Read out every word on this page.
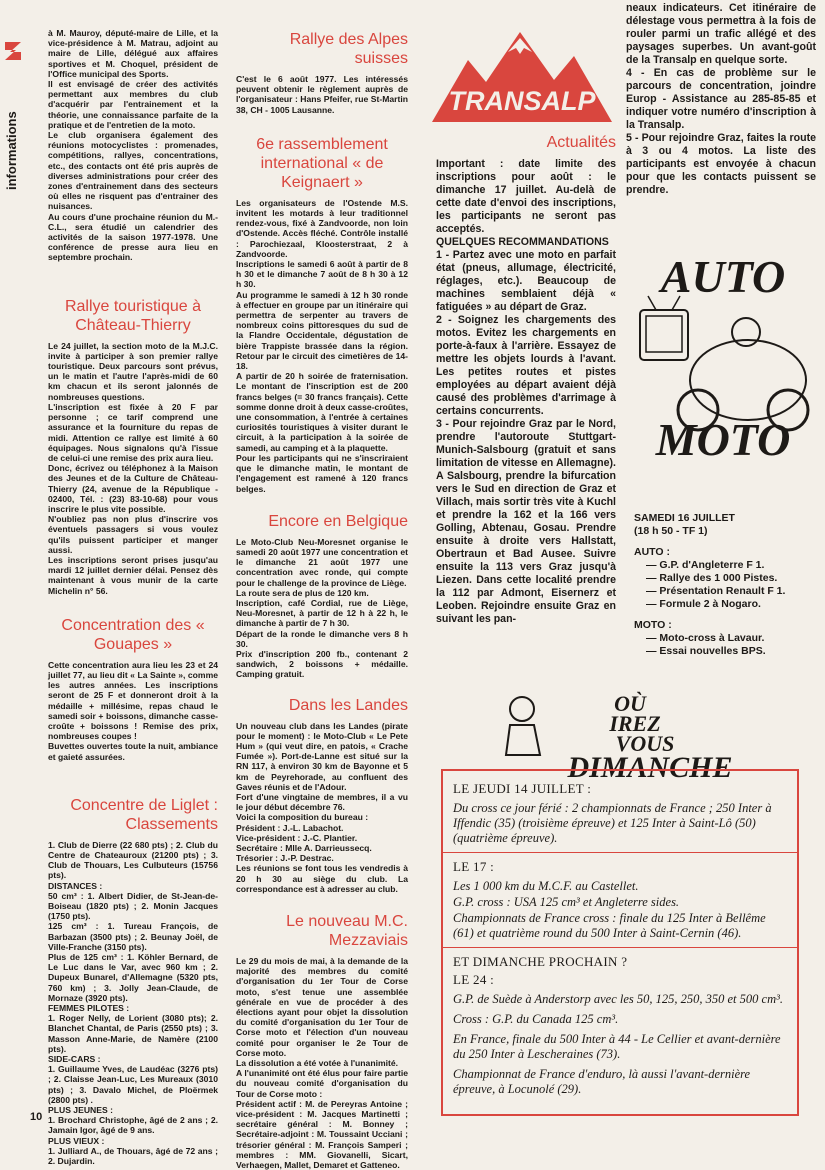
informations
à M. Mauroy, député-maire de Lille, et la vice-présidence à M. Matrau, adjoint au maire de Lille, délégué aux affaires sportives et M. Choquel, président de l'Office municipal des Sports.
Il est envisagé de créer des activités permettant aux membres du club d'acquérir par l'entrainement et la théorie, une connaissance parfaite de la pratique et de l'entretien de la moto.
Le club organisera également des réunions motocyclistes : promenades, compétitions, rallyes, concentrations, etc., des contacts ont été pris auprès de diverses administrations pour créer des zones d'entrainement dans des secteurs où elles ne risquent pas d'entrainer des nuisances.
Au cours d'une prochaine réunion du M.-C.L., sera étudié un calendrier des activités de la saison 1977-1978. Une conférence de presse aura lieu en septembre prochain.
Rallye touristique à Château-Thierry
Le 24 juillet, la section moto de la M.J.C. invite à participer à son premier rallye touristique. Deux parcours sont prévus, un le matin et l'autre l'après-midi de 60 km chacun et ils seront jalonnés de nombreuses questions.
L'inscription est fixée à 20 F par personne ; ce tarif comprend une assurance et la fourniture du repas de midi. Attention ce rallye est limité à 60 équipages. Nous signalons qu'à l'issue de celui-ci une remise des prix aura lieu.
Donc, écrivez ou téléphonez à la Maison des Jeunes et de la Culture de Château-Thierry (24, avenue de la République - 02400, Tél. : (23) 83-10-68) pour vous inscrire le plus vite possible.
N'oubliez pas non plus d'inscrire vos éventuels passagers si vous voulez qu'ils puissent participer et manger aussi.
Les inscriptions seront prises jusqu'au mardi 12 juillet dernier délai. Pensez dès maintenant à vous munir de la carte Michelin n° 56.
Concentration des « Gouapes »
Cette concentration aura lieu les 23 et 24 juillet 77, au lieu dit « La Sainte », comme les autres années. Les inscriptions seront de 25 F et donneront droit à la médaille + millésime, repas chaud le samedi soir + boissons, dimanche casse-croûte + boissons ! Remise des prix, nombreuses coupes !
Buvettes ouvertes toute la nuit, ambiance et gaieté assurées.
Concentre de Liglet : Classements
1. Club de Dierre (22 680 pts) ; 2. Club du Centre de Chateauroux (21200 pts) ; 3. Club de Thouars, Les Culbuteurs (15756 pts).
DISTANCES :
50 cm³ : 1. Albert Didier, de St-Jean-de-Boiseau (1820 pts) ; 2. Monin Jacques (1750 pts).
125 cm³ : 1. Tureau François, de Barbazan (3500 pts) ; 2. Beunay Joël, de Ville-Franche (3150 pts).
Plus de 125 cm³ : 1. Köhler Bernard, de Le Luc dans le Var, avec 960 km ; 2. Dupeux Bunarel, d'Allemagne (5320 pts, 760 km) ; 3. Jolly Jean-Claude, de Mornaze (3920 pts).
FEMMES PILOTES :
1. Roger Nelly, de Lorient (3080 pts); 2. Blanchet Chantal, de Paris (2550 pts) ; 3. Masson Anne-Marie, de Namère (2100 pts).
SIDE-CARS :
1. Guillaume Yves, de Laudéac (3276 pts) ; 2. Claisse Jean-Luc, Les Mureaux (3010 pts) ; 3. Davalo Michel, de Ploërmek (2800 pts) .
PLUS JEUNES :
1. Brochard Christophe, âgé de 2 ans ; 2. Jamain Igor, âgé de 9 ans.
PLUS VIEUX :
1. Julliard A., de Thouars, âgé de 72 ans ; 2. Dujardin.
Rallye des Alpes suisses
C'est le 6 août 1977. Les intéressés peuvent obtenir le règlement auprès de l'organisateur : Hans Pfeifer, rue St-Martin 38, CH - 1005 Lausanne.
6e rassemblement international « de Keignaert »
Les organisateurs de l'Ostende M.S. invitent les motards à leur traditionnel rendez-vous, fixé à Zandvoorde, non loin d'Ostende. Accès fléché. Contrôle installé : Parochiezaal, Kloosterstraat, 2 à Zandvoorde.
Inscriptions le samedi 6 août à partir de 8 h 30 et le dimanche 7 août de 8 h 30 à 12 h 30.
Au programme le samedi à 12 h 30 ronde à effectuer en groupe par un itinéraire qui permettra de serpenter au travers de nombreux coins pittoresques du sud de la Flandre Occidentale, dégustation de bière Trappiste brassée dans la région. Retour par le circuit des cimetières de 14-18.
A partir de 20 h soirée de fraternisation. Le montant de l'inscription est de 200 francs belges (= 30 francs français). Cette somme donne droit à deux casse-croûtes, une consommation, à l'entrée à certaines curiosités touristiques à visiter durant le circuit, à la participation à la soirée de samedi, au camping et à la plaquette.
Pour les participants qui ne s'inscriraient que le dimanche matin, le montant de l'engagement est ramené à 120 francs belges.
Encore en Belgique
Le Moto-Club Neu-Moresnet organise le samedi 20 août 1977 une concentration et le dimanche 21 août 1977 une concentration avec ronde, qui compte pour le challenge de la province de Liège.
La route sera de plus de 120 km.
Inscription, café Cordial, rue de Liège, Neu-Moresnet, à partir de 12 h à 22 h, le dimanche à partir de 7 h 30.
Départ de la ronde le dimanche vers 8 h 30.
Prix d'inscription 200 fb., contenant 2 sandwich, 2 boissons + médaille. Camping gratuit.
Dans les Landes
Un nouveau club dans les Landes (pirate pour le moment) : le Moto-Club « Le Pete Hum » (qui veut dire, en patois, « Crache Fumée »). Port-de-Lanne est situé sur la RN 117, à environ 30 km de Bayonne et 5 km de Peyrehorade, au confluent des Gaves réunis et de l'Adour.
Fort d'une vingtaine de membres, il a vu le jour début décembre 76.
Voici la composition du bureau :
Président : J.-L. Labachot.
Vice-président : J.-C. Plantier.
Secrétaire : Mlle A. Darrieussecq.
Trésorier : J.-P. Destrac.
Les réunions se font tous les vendredis à 20 h 30 au siège du club. La correspondance est à adresser au club.
Le nouveau M.C. Mezzaviais
Le 29 du mois de mai, à la demande de la majorité des membres du comité d'organisation du 1er Tour de Corse moto, s'est tenue une assemblée générale en vue de procéder à des élections ayant pour objet la dissolution du comité d'organisation du 1er Tour de Corse moto et l'élection d'un nouveau comité pour organiser le 2e Tour de Corse moto.
La dissolution a été votée à l'unanimité.
A l'unanimité ont été élus pour faire partie du nouveau comité d'organisation du Tour de Corse moto :
Président actif : M. de Pereyras Antoine ; vice-président : M. Jacques Martinetti ; secrétaire général : M. Bonney ; Secrétaire-adjoint : M. Toussaint Ucciani ; trésorier général : M. François Samperi ; membres : MM. Giovanelli, Sicart, Verhaegen, Mallet, Demaret et Gatteneo.
TRANSALP
Actualités
Important : date limite des inscriptions pour août : le dimanche 17 juillet. Au-delà de cette date d'envoi des inscriptions, les participants ne seront pas acceptés.
QUELQUES RECOMMANDATIONS
1 - Partez avec une moto en parfait état (pneus, allumage, électricité, réglages, etc.). Beaucoup de machines semblaient déjà « fatiguées » au départ de Graz.
2 - Soignez les chargements des motos. Evitez les chargements en porte-à-faux à l'arrière. Essayez de mettre les objets lourds à l'avant. Les petites routes et pistes employées au départ avaient déjà causé des problèmes d'arrimage à certains concurrents.
3 - Pour rejoindre Graz par le Nord, prendre l'autoroute Stuttgart-Munich-Salsbourg (gratuit et sans limitation de vitesse en Allemagne). A Salsbourg, prendre la bifurcation vers le Sud en direction de Graz et Villach, mais sortir très vite à Kuchl et prendre la 162 et la 166 vers Golling, Abtenau, Gosau. Prendre ensuite à droite vers Hallstatt, Obertraun et Bad Ausee. Suivre ensuite la 113 vers Graz jusqu'à Liezen. Dans cette localité prendre la 112 par Admont, Eisernerz et Leoben. Rejoindre ensuite Graz en suivant les pan-
neaux indicateurs. Cet itinéraire de délestage vous permettra à la fois de rouler parmi un trafic allégé et des paysages superbes. Un avant-goût de la Transalp en quelque sorte.
4 - En cas de problème sur le parcours de concentration, joindre Europ - Assistance au 285-85-85 et indiquer votre numéro d'inscription à la Transalp.
5 - Pour rejoindre Graz, faites la route à 3 ou 4 motos. La liste des participants est envoyée à chacun pour que les contacts puissent se prendre.
AUTO
MOTO
SAMEDI 16 JUILLET
(18 h 50 - TF 1)
AUTO :
— G.P. d'Angleterre F 1.
— Rallye des 1 000 Pistes.
— Présentation Renault F 1.
— Formule 2 à Nogaro.
MOTO :
— Moto-cross à Lavaur.
— Essai nouvelles BPS.
OÙ
IREZ
VOUS
DIMANCHE
LE JEUDI 14 JUILLET :
Du cross ce jour férié : 2 championnats de France ; 250 Inter à Iffendic (35) (troisième épreuve) et 125 Inter à Saint-Lô (50) (quatrième épreuve).
LE 17 :
Les 1 000 km du M.C.F. au Castellet.
G.P. cross : USA 125 cm³ et Angleterre sides.
Championnats de France cross : finale du 125 Inter à Bellême (61) et quatrième round du 500 Inter à Saint-Cernin (46).
ET DIMANCHE PROCHAIN ?
LE 24 :
G.P. de Suède à Anderstorp avec les 50, 125, 250, 350 et 500 cm³.
Cross : G.P. du Canada 125 cm³.
En France, finale du 500 Inter à 44 - Le Cellier et avant-dernière du 250 Inter à Lescheraines (73).
Championnat de France d'enduro, là aussi l'avant-dernière épreuve, à Locunolé (29).
10
